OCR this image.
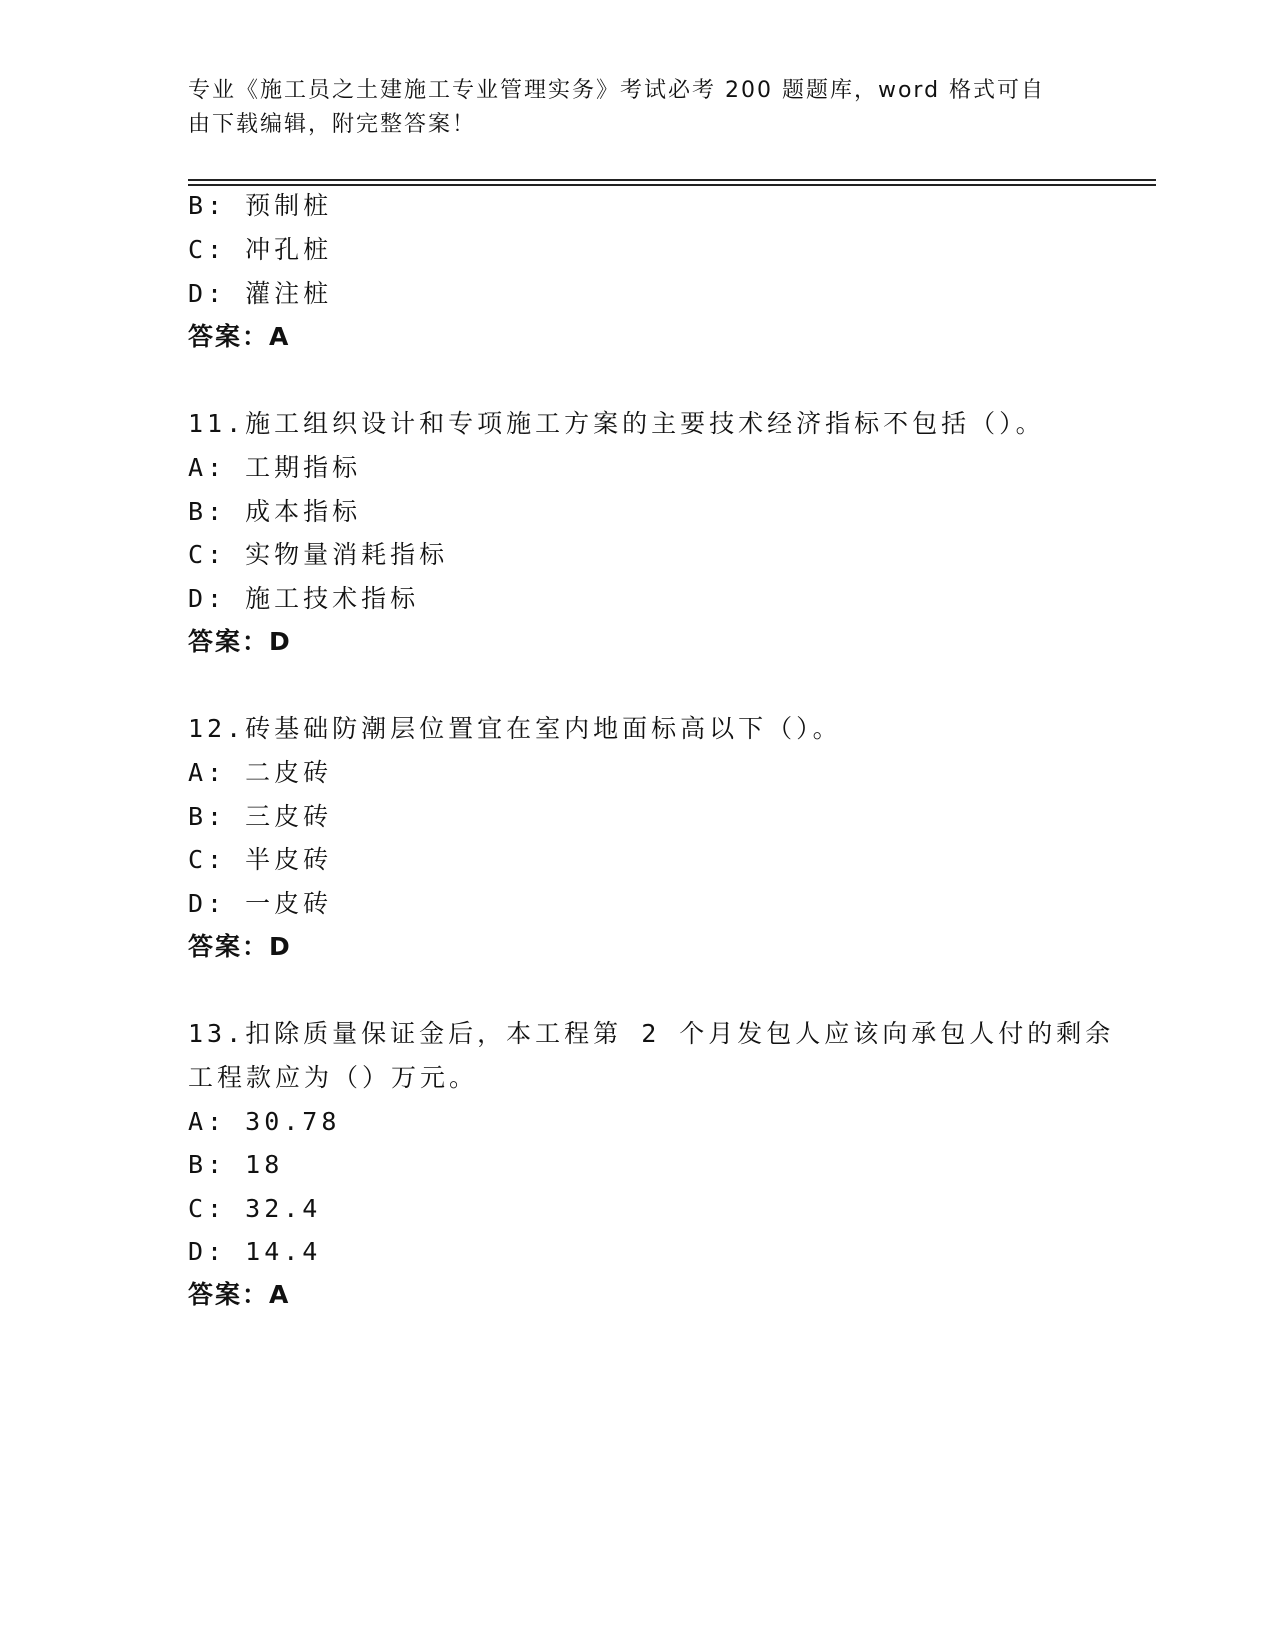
专业《施工员之土建施工专业管理实务》考试必考 200 题题库，word 格式可自由下载编辑，附完整答案！
B: 预制桩
C: 冲孔桩
D: 灌注桩
答案：A
11.施工组织设计和专项施工方案的主要技术经济指标不包括（）。
A: 工期指标
B: 成本指标
C: 实物量消耗指标
D: 施工技术指标
答案：D
12.砖基础防潮层位置宜在室内地面标高以下（）。
A: 二皮砖
B: 三皮砖
C: 半皮砖
D: 一皮砖
答案：D
13.扣除质量保证金后，本工程第 2 个月发包人应该向承包人付的剩余
工程款应为（）万元。
A: 30.78
B: 18
C: 32.4
D: 14.4
答案：A
